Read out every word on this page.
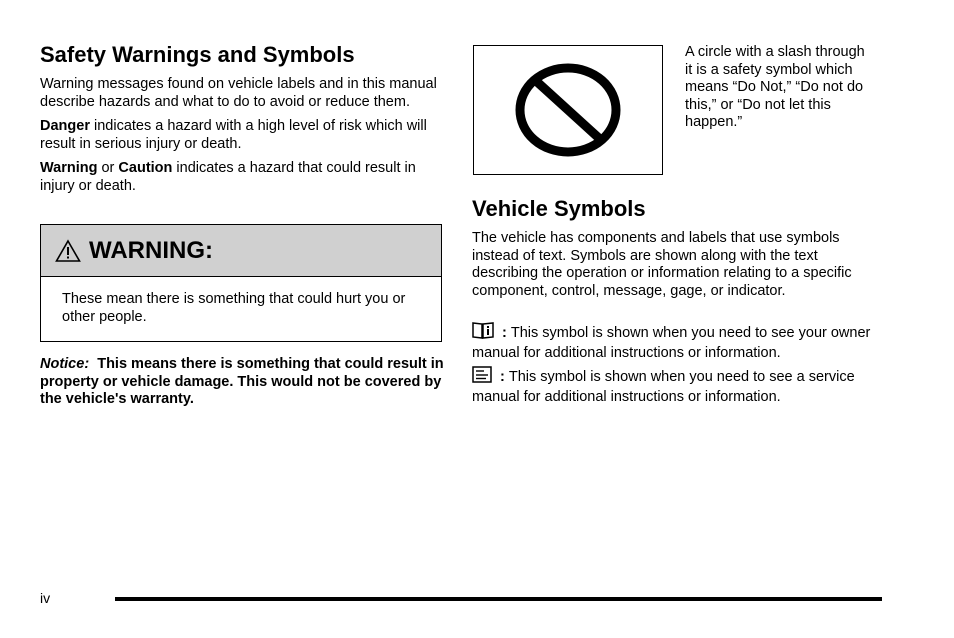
Safety Warnings and Symbols

Warning messages found on vehicle labels and in this manual describe hazards and what to do to avoid or reduce them.

Danger indicates a hazard with a high level of risk which will result in serious injury or death.

Warning or Caution indicates a hazard that could result in injury or death.

WARNING:

These mean there is something that could hurt you or other people.

Notice:  This means there is something that could result in property or vehicle damage. This would not be covered by the vehicle's warranty.

A circle with a slash through it is a safety symbol which means “Do Not,” “Do not do this,” or “Do not let this happen.”

Vehicle Symbols

The vehicle has components and labels that use symbols instead of text. Symbols are shown along with the text describing the operation or information relating to a specific component, control, message, gage, or indicator.

: This symbol is shown when you need to see your owner manual for additional instructions or information.

: This symbol is shown when you need to see a service manual for additional instructions or information.

iv
